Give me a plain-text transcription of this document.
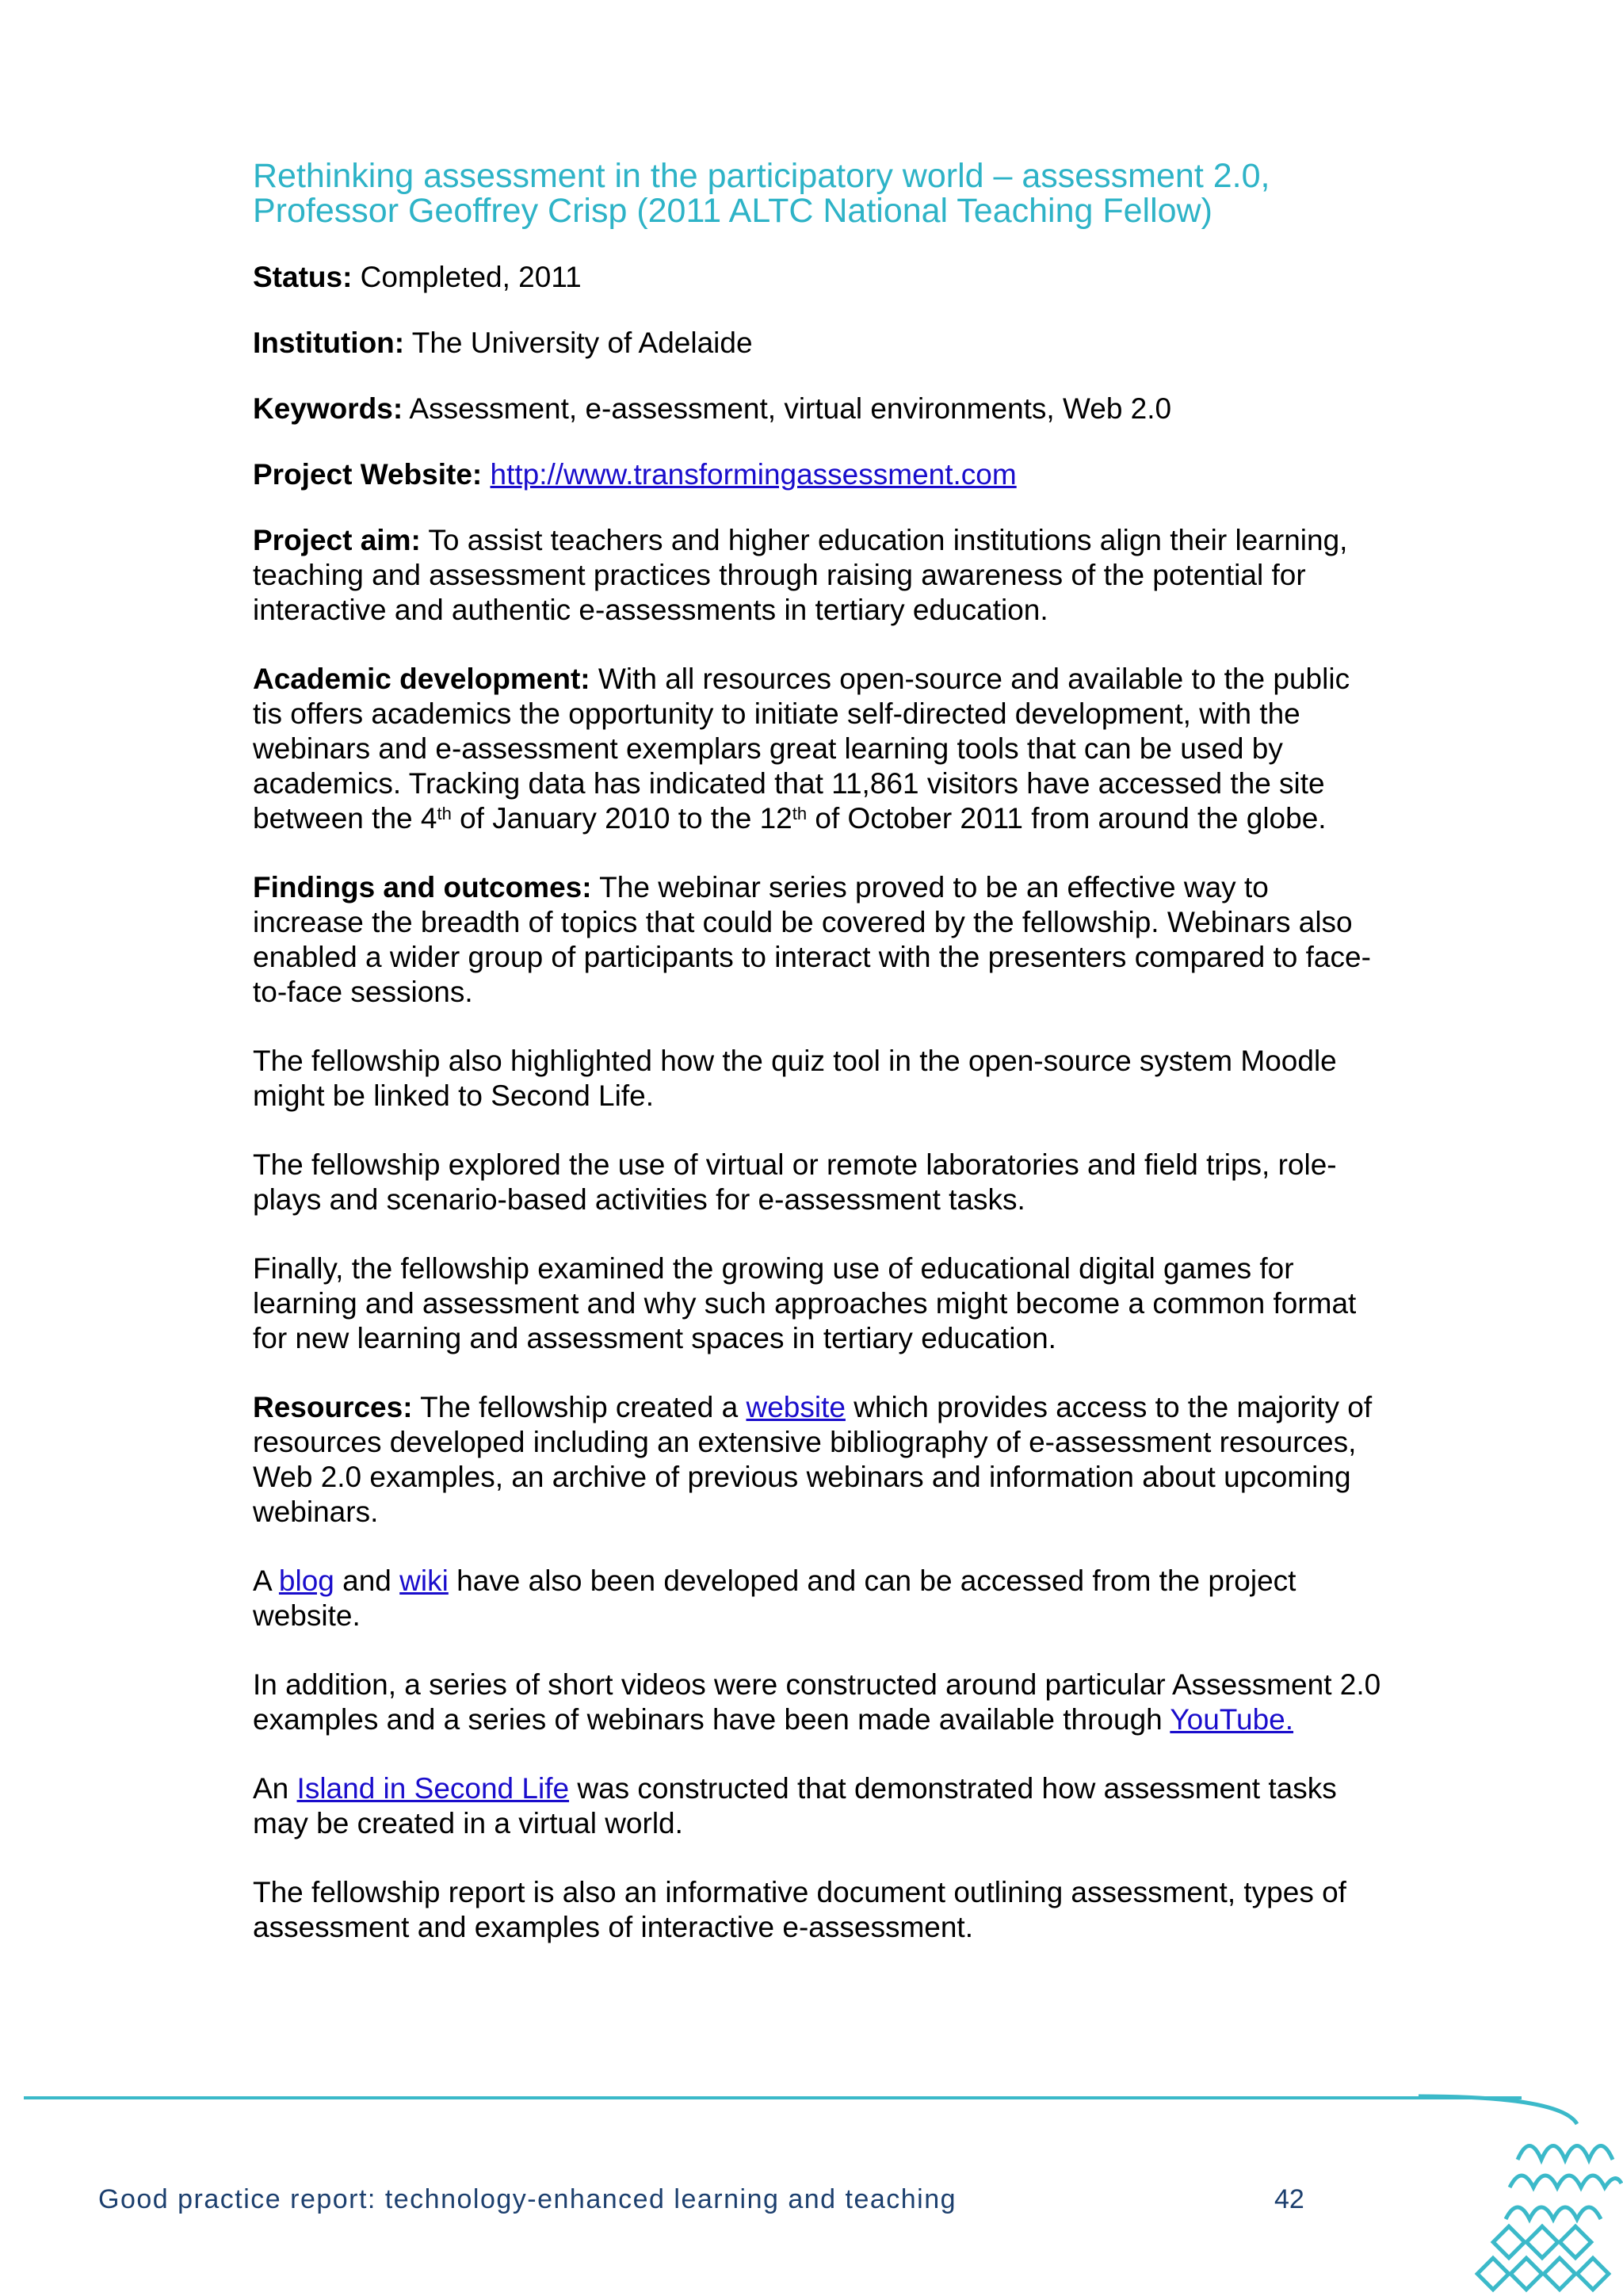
Rethinking assessment in the participatory world – assessment 2.0,
Professor Geoffrey Crisp (2011 ALTC National Teaching Fellow)
Status: Completed, 2011
Institution: The University of Adelaide
Keywords: Assessment, e-assessment, virtual environments, Web 2.0
Project Website: http://www.transformingassessment.com

Project aim: To assist teachers and higher education institutions align their learning, teaching and assessment practices through raising awareness of the potential for interactive and authentic e-assessments in tertiary education.

Academic development: With all resources open-source and available to the public tis offers academics the opportunity to initiate self-directed development, with the webinars and e-assessment exemplars great learning tools that can be used by academics. Tracking data has indicated that 11,861 visitors have accessed the site between the 4th of January 2010 to the 12th of October 2011 from around the globe.

Findings and outcomes: The webinar series proved to be an effective way to increase the breadth of topics that could be covered by the fellowship. Webinars also enabled a wider group of participants to interact with the presenters compared to face-to-face sessions.

The fellowship also highlighted how the quiz tool in the open-source system Moodle might be linked to Second Life.

The fellowship explored the use of virtual or remote laboratories and field trips, role-plays and scenario-based activities for e-assessment tasks.

Finally, the fellowship examined the growing use of educational digital games for learning and assessment and why such approaches might become a common format for new learning and assessment spaces in tertiary education.

Resources: The fellowship created a website which provides access to the majority of resources developed including an extensive bibliography of e-assessment resources, Web 2.0 examples, an archive of previous webinars and information about upcoming webinars.

A blog and wiki have also been developed and can be accessed from the project website.

In addition, a series of short videos were constructed around particular Assessment 2.0 examples and a series of webinars have been made available through YouTube.

An Island in Second Life was constructed that demonstrated how assessment tasks may be created in a virtual world.

The fellowship report is also an informative document outlining assessment, types of assessment and examples of interactive e-assessment.

Good practice report: technology-enhanced learning and teaching	42
